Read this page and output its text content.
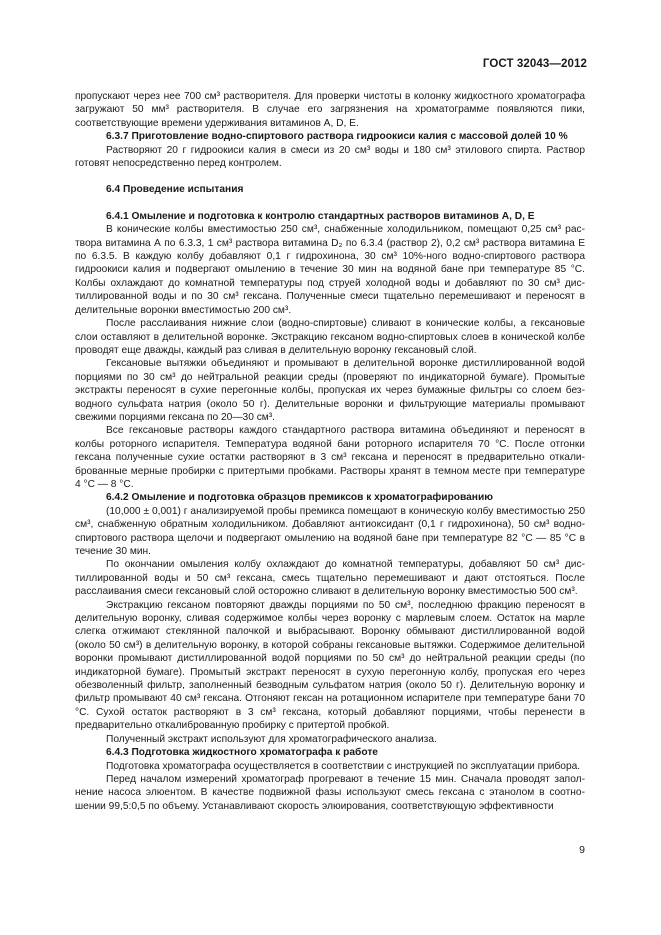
ГОСТ 32043—2012

пропускают через нее 700 см³ растворителя. Для проверки чистоты в колонку жидкостного хроматографа загружают 50 мм³ растворителя. В случае его загрязнения на хроматограмме появляются пики, соответствующие времени удерживания витаминов А, D, Е.

6.3.7 Приготовление водно-спиртового раствора гидроокиси калия с массовой долей 10 %

Растворяют 20 г гидроокиси калия в смеси из 20 см³ воды и 180 см³ этилового спирта. Раствор готовят непосредственно перед контролем.

6.4 Проведение испытания

6.4.1 Омыление и подготовка к контролю стандартных растворов витаминов А, D, Е

В конические колбы вместимостью 250 см³, снабженные холодильником, помещают 0,25 см³ раствора витамина А по 6.3.3, 1 см³ раствора витамина D₂ по 6.3.4 (раствор 2), 0,2 см³ раствора витамина Е по 6.3.5. В каждую колбу добавляют 0,1 г гидрохинона, 30 см³ 10%-ного водно-спиртового раствора гидроокиси калия и подвергают омылению в течение 30 мин на водяной бане при температуре 85 °С. Колбы охлаждают до комнатной температуры под струей холодной воды и добавляют по 30 см³ дистиллированной воды и по 30 см³ гексана. Полученные смеси тщательно перемешивают и переносят в делительные воронки вместимостью 200 см³.

После расслаивания нижние слои (водно-спиртовые) сливают в конические колбы, а гексановые слои оставляют в делительной воронке. Экстракцию гексаном водно-спиртовых слоев в конической колбе проводят еще дважды, каждый раз сливая в делительную воронку гексановый слой.

Гексановые вытяжки объединяют и промывают в делительной воронке дистиллированной водой порциями по 30 см³ до нейтральной реакции среды (проверяют по индикаторной бумаге). Промытые экстракты переносят в сухие перегонные колбы, пропуская их через бумажные фильтры со слоем безводного сульфата натрия (около 50 г). Делительные воронки и фильтрующие материалы промывают свежими порциями гексана по 20—30 см³.

Все гексановые растворы каждого стандартного раствора витамина объединяют и переносят в колбы роторного испарителя. Температура водяной бани роторного испарителя 70 °С. После отгонки гексана полученные сухие остатки растворяют в 3 см³ гексана и переносят в предварительно откалиброванные мерные пробирки с притертыми пробками. Растворы хранят в темном месте при температуре 4 °С — 8 °С.

6.4.2 Омыление и подготовка образцов премиксов к хроматографированию

(10,000 ± 0,001) г анализируемой пробы премикса помещают в коническую колбу вместимостью 250 см³, снабженную обратным холодильником. Добавляют антиоксидант (0,1 г гидрохинона), 50 см³ водно-спиртового раствора щелочи и подвергают омылению на водяной бане при температуре 82 °С — 85 °С в течение 30 мин.

По окончании омыления колбу охлаждают до комнатной температуры, добавляют 50 см³ дистиллированной воды и 50 см³ гексана, смесь тщательно перемешивают и дают отстояться. После расслаивания смеси гексановый слой осторожно сливают в делительную воронку вместимостью 500 см³.

Экстракцию гексаном повторяют дважды порциями по 50 см³, последнюю фракцию переносят в делительную воронку, сливая содержимое колбы через воронку с марлевым слоем. Остаток на марле слегка отжимают стеклянной палочкой и выбрасывают. Воронку обмывают дистиллированной водой (около 50 см³) в делительную воронку, в которой собраны гексановые вытяжки. Содержимое делительной воронки промывают дистиллированной водой порциями по 50 см³ до нейтральной реакции среды (по индикаторной бумаге). Промытый экстракт переносят в сухую перегонную колбу, пропуская его через обезволенный фильтр, заполненный безводным сульфатом натрия (около 50 г). Делительную воронку и фильтр промывают 40 см³ гексана. Отгоняют гексан на ротационном испарителе при температуре бани 70 °С. Сухой остаток растворяют в 3 см³ гексана, который добавляют порциями, чтобы перенести в предварительно откалиброванную пробирку с притертой пробкой.

Полученный экстракт используют для хроматографического анализа.

6.4.3 Подготовка жидкостного хроматографа к работе

Подготовка хроматографа осуществляется в соответствии с инструкцией по эксплуатации прибора.

Перед началом измерений хроматограф прогревают в течение 15 мин. Сначала проводят заполнение насоса элюентом. В качестве подвижной фазы используют смесь гексана с этанолом в соотношении 99,5:0,5 по объему. Устанавливают скорость элюирования, соответствующую эффективности

9
